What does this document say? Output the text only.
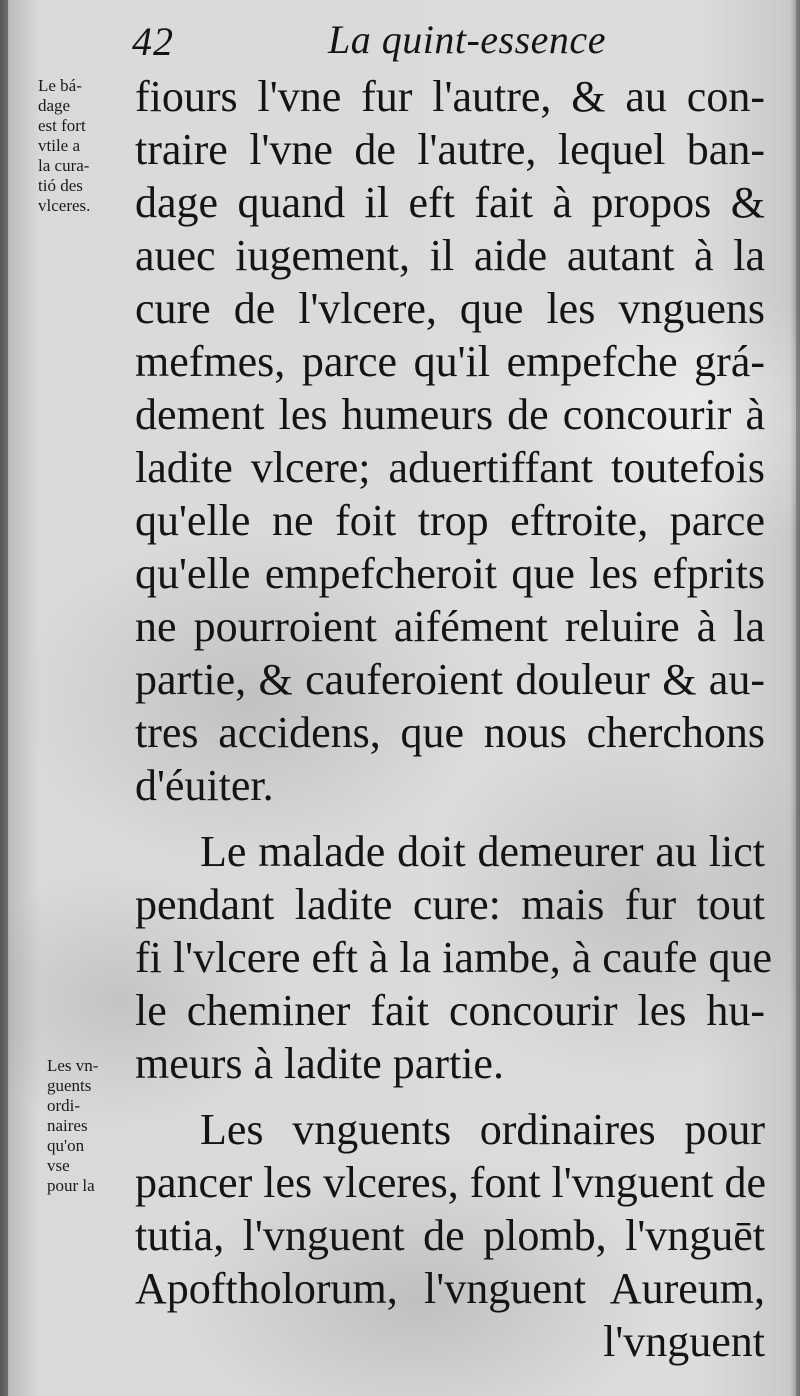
42	La quint-essence
Le bá-
dage
est fort
vtile a
la cura-
tió des
vlceres.
Les vn-
guents
ordi-
naires
qu'on
vse
pour la
fiours l'vne fur l'autre, & au con-
traire l'vne de l'autre, lequel ban-
dage quand il eft fait à propos &
auec iugement, il aide autant à la
cure de l'vlcere, que les vnguens
mefmes, parce qu'il empefche grá-
dement les humeurs de concourir à
ladite vlcere; aduertiffant toutefois
qu'elle ne foit trop eftroite, parce
qu'elle empefcheroit que les efprits
ne pourroient aifément reluire à la
partie, & cauferoient douleur & au-
tres accidens, que nous cherchons
d'éuiter.
Le malade doit demeurer au lict
pendant ladite cure: mais fur tout
fi l'vlcere eft à la iambe, à caufe que
le cheminer fait concourir les hu-
meurs à ladite partie.
Les vnguents ordinaires pour
pancer les vlceres, font l'vnguent de
tutia, l'vnguent de plomb, l'vnguēt
Apoftholorum, l'vnguent Aureum,
l'vnguent
